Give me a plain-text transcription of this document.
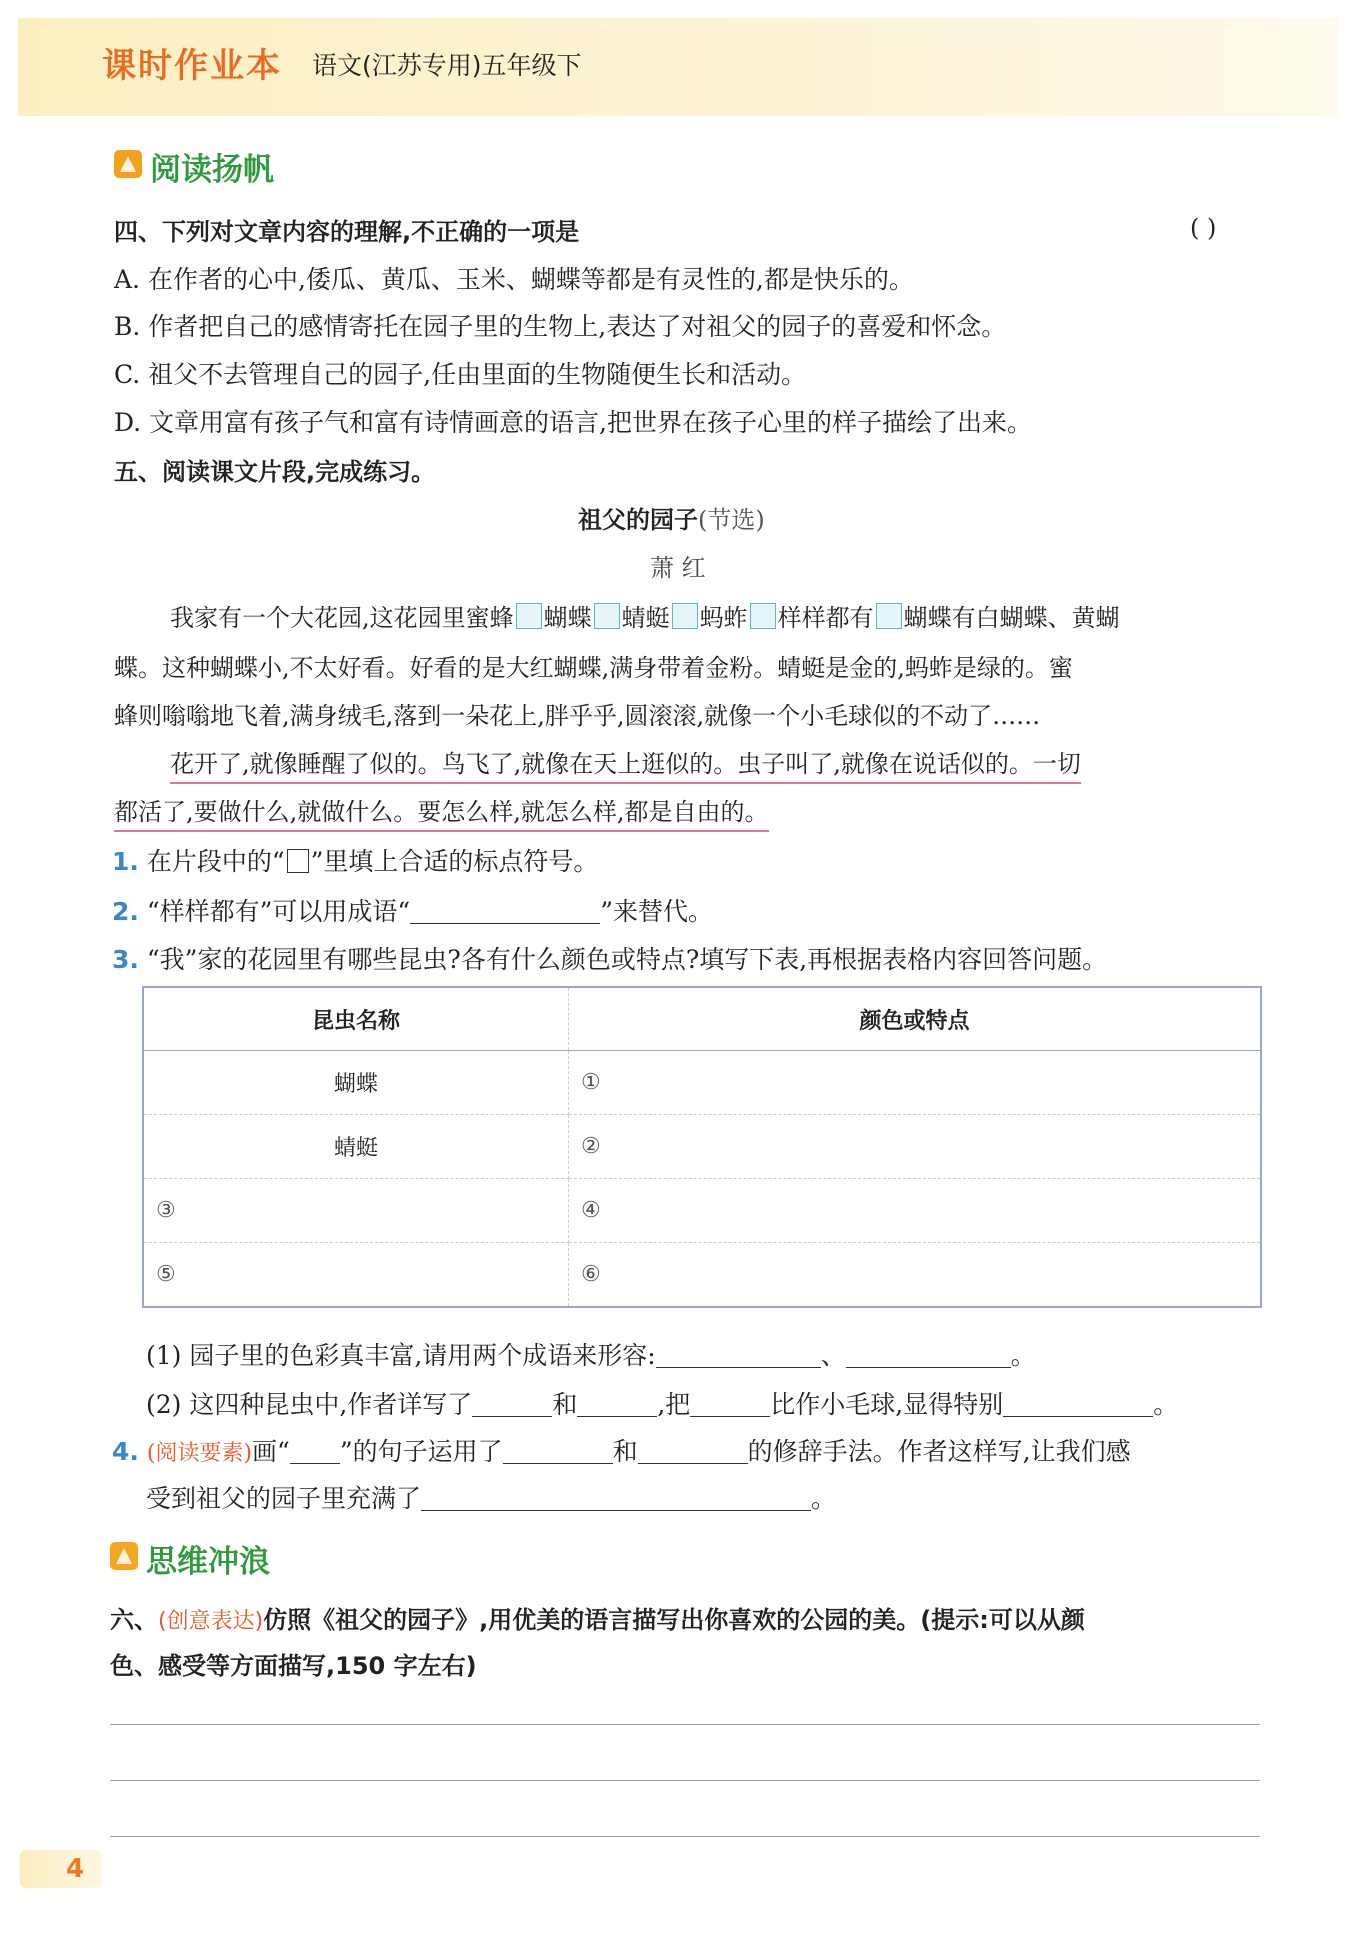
课时作业本 语文(江苏专用)五年级下
阅读扬帆
四、下列对文章内容的理解,不正确的一项是	( )
A. 在作者的心中,倭瓜、黄瓜、玉米、蝴蝶等都是有灵性的,都是快乐的。
B. 作者把自己的感情寄托在园子里的生物上,表达了对祖父的园子的喜爱和怀念。
C. 祖父不去管理自己的园子,任由里面的生物随便生长和活动。
D. 文章用富有孩子气和富有诗情画意的语言,把世界在孩子心里的样子描绘了出来。
五、阅读课文片段,完成练习。
祖父的园子(节选)
萧 红
我家有一个大花园,这花园里蜜蜂 蝴蝶 蜻蜓 蚂蚱 样样都有 蝴蝶有白蝴蝶、黄蝴
蝶。这种蝴蝶小,不太好看。好看的是大红蝴蝶,满身带着金粉。蜻蜓是金的,蚂蚱是绿的。蜜
蜂则嗡嗡地飞着,满身绒毛,落到一朵花上,胖乎乎,圆滚滚,就像一个小毛球似的不动了……
花开了,就像睡醒了似的。鸟飞了,就像在天上逛似的。虫子叫了,就像在说话似的。一切
都活了,要做什么,就做什么。要怎么样,就怎么样,都是自由的。
1. 在片段中的“ ”里填上合适的标点符号。
2. “样样都有”可以用成语“	”来替代。
3. “我”家的花园里有哪些昆虫?各有什么颜色或特点?填写下表,再根据表格内容回答问题。
昆虫名称	颜色或特点
蝴蝶	①
蜻蜓	②
③	④
⑤	⑥
(1) 园子里的色彩真丰富,请用两个成语来形容:	、	。
(2) 这四种昆虫中,作者详写了	和	,把	比作小毛球,显得特别	。
4. (阅读要素)画“ ”的句子运用了	和	的修辞手法。作者这样写,让我们感
受到祖父的园子里充满了	。
思维冲浪
六、(创意表达)仿照《祖父的园子》,用优美的语言描写出你喜欢的公园的美。(提示:可以从颜
色、感受等方面描写,150 字左右)
4
